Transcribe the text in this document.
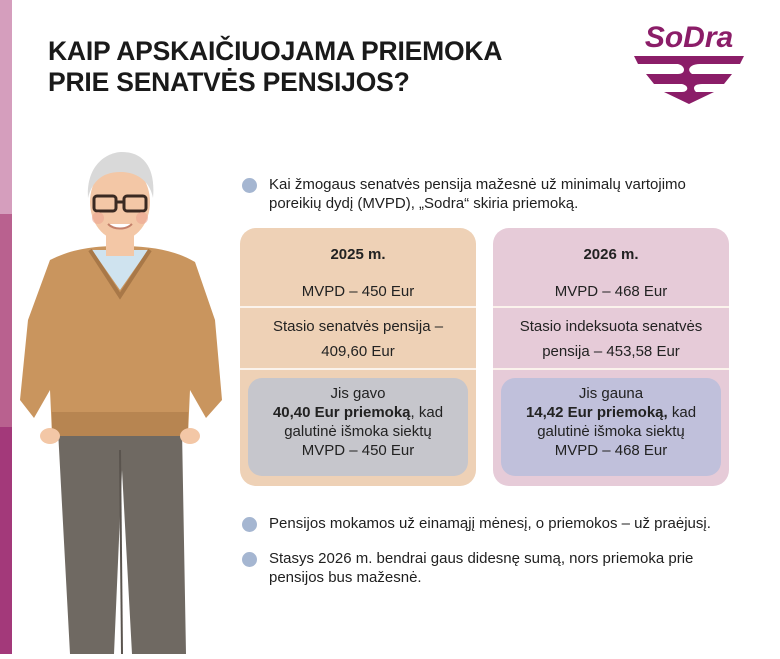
KAIP APSKAIČIUOJAMA PRIEMOKA
PRIE SENATVĖS PENSIJOS?
SoDra
Kai žmogaus senatvės pensija mažesnė už minimalų vartojimo
poreikių dydį (MVPD), „Sodra“ skiria priemoką.
2025 m.
MVPD – 450 Eur
Stasio senatvės pensija –
409,60 Eur
Jis gavo
40,40 Eur priemoką, kad
galutinė išmoka siektų
MVPD – 450 Eur
2026 m.
MVPD – 468 Eur
Stasio indeksuota senatvės
pensija – 453,58 Eur
Jis gauna
14,42 Eur priemoką, kad
galutinė išmoka siektų
MVPD – 468 Eur
Pensijos mokamos už einamąjį mėnesį, o priemokos – už praėjusį.
Stasys 2026 m. bendrai gaus didesnę sumą, nors priemoka prie
pensijos bus mažesnė.
